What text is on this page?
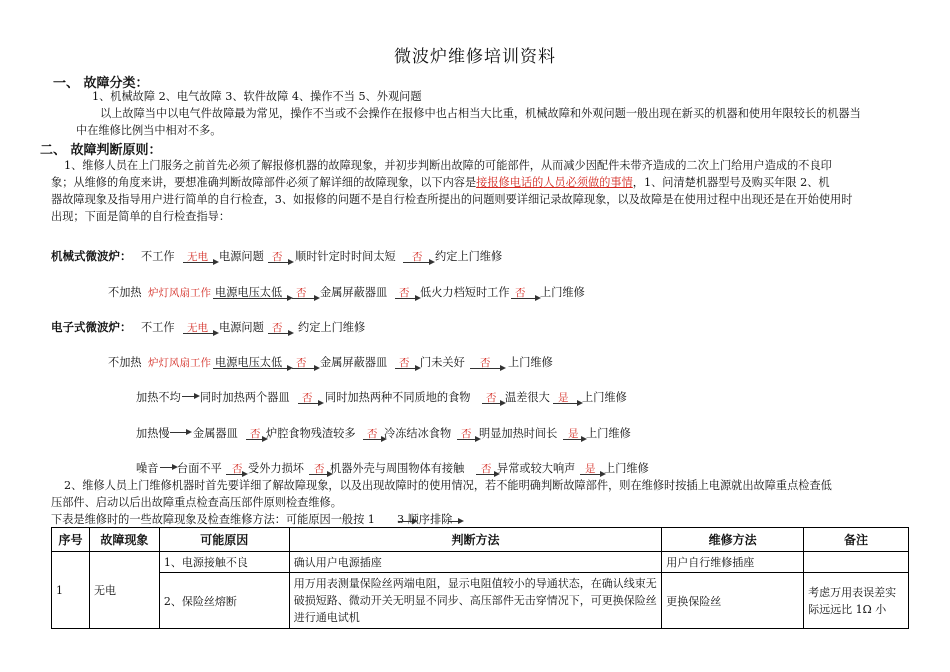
微波炉维修培训资料
一、 故障分类：
1、机械故障 2、电气故障 3、软件故障 4、操作不当 5、外观问题
以上故障当中以电气件故障最为常见，操作不当或不会操作在报修中也占相当大比重，机械故障和外观问题一般出现在新买的机器和使用年限较长的机器当
中在维修比例当中相对不多。
二、 故障判断原则：
1、维修人员在上门服务之前首先必须了解报修机器的故障现象，并初步判断出故障的可能部件，从而减少因配件未带齐造成的二次上门给用户造成的不良印
象；从维修的角度来讲，要想准确判断故障部件必须了解详细的故障现象，以下内容是接报修电话的人员必须做的事情，1、问清楚机器型号及购买年限 2、机
器故障现象及指导用户进行简单的自行检查，3、如报修的问题不是自行检查所提出的问题则要详细记录故障现象，以及故障是在使用过程中出现还是在开始使用时
出现；下面是简单的自行检查指导：
机械式微波炉： 不工作 无电 电源问题 否 顺时针定时时间太短 否 约定上门维修
不加热 炉灯风扇工作 电源电压太低 否 金属屏蔽器皿 否 低火力档短时工作 否 上门维修
电子式微波炉： 不工作 无电 电源问题 否 约定上门维修
不加热 炉灯风扇工作 电源电压太低 否 金属屏蔽器皿 否 门未关好 否 上门维修
加热不均 同时加热两个器皿 否 同时加热两种不同质地的食物 否 温差很大 是 上门维修
加热慢 金属器皿 否 炉腔食物残渣较多 否 冷冻结冰食物 否 明显加热时间长 是 上门维修
噪音 台面不平 否 受外力损坏 否 机器外壳与周围物体有接触 否 异常或较大响声 是 上门维修
2、维修人员上门维修机器时首先要详细了解故障现象，以及出现故障时的使用情况，若不能明确判断故障部件，则在维修时按插上电源就出故障重点检查低
压部件、启动以后出故障重点检查高压部件原则检查维修。
下表是维修时的一些故障现象及检查维修方法：可能原因一般按 1 3 顺序排除
序号	故障现象	可能原因	判断方法	维修方法	备注
1	无电	1、电源接触不良	确认用户电源插座	用户自行维修插座	
		2、保险丝熔断	用万用表测量保险丝两端电阻，显示电阻值较小的导通状态，在确认线束无破损短路、微动开关无明显不同步、高压部件无击穿情况下，可更换保险丝进行通电试机	更换保险丝	考虑万用表误差实际远远比 1Ω 小
